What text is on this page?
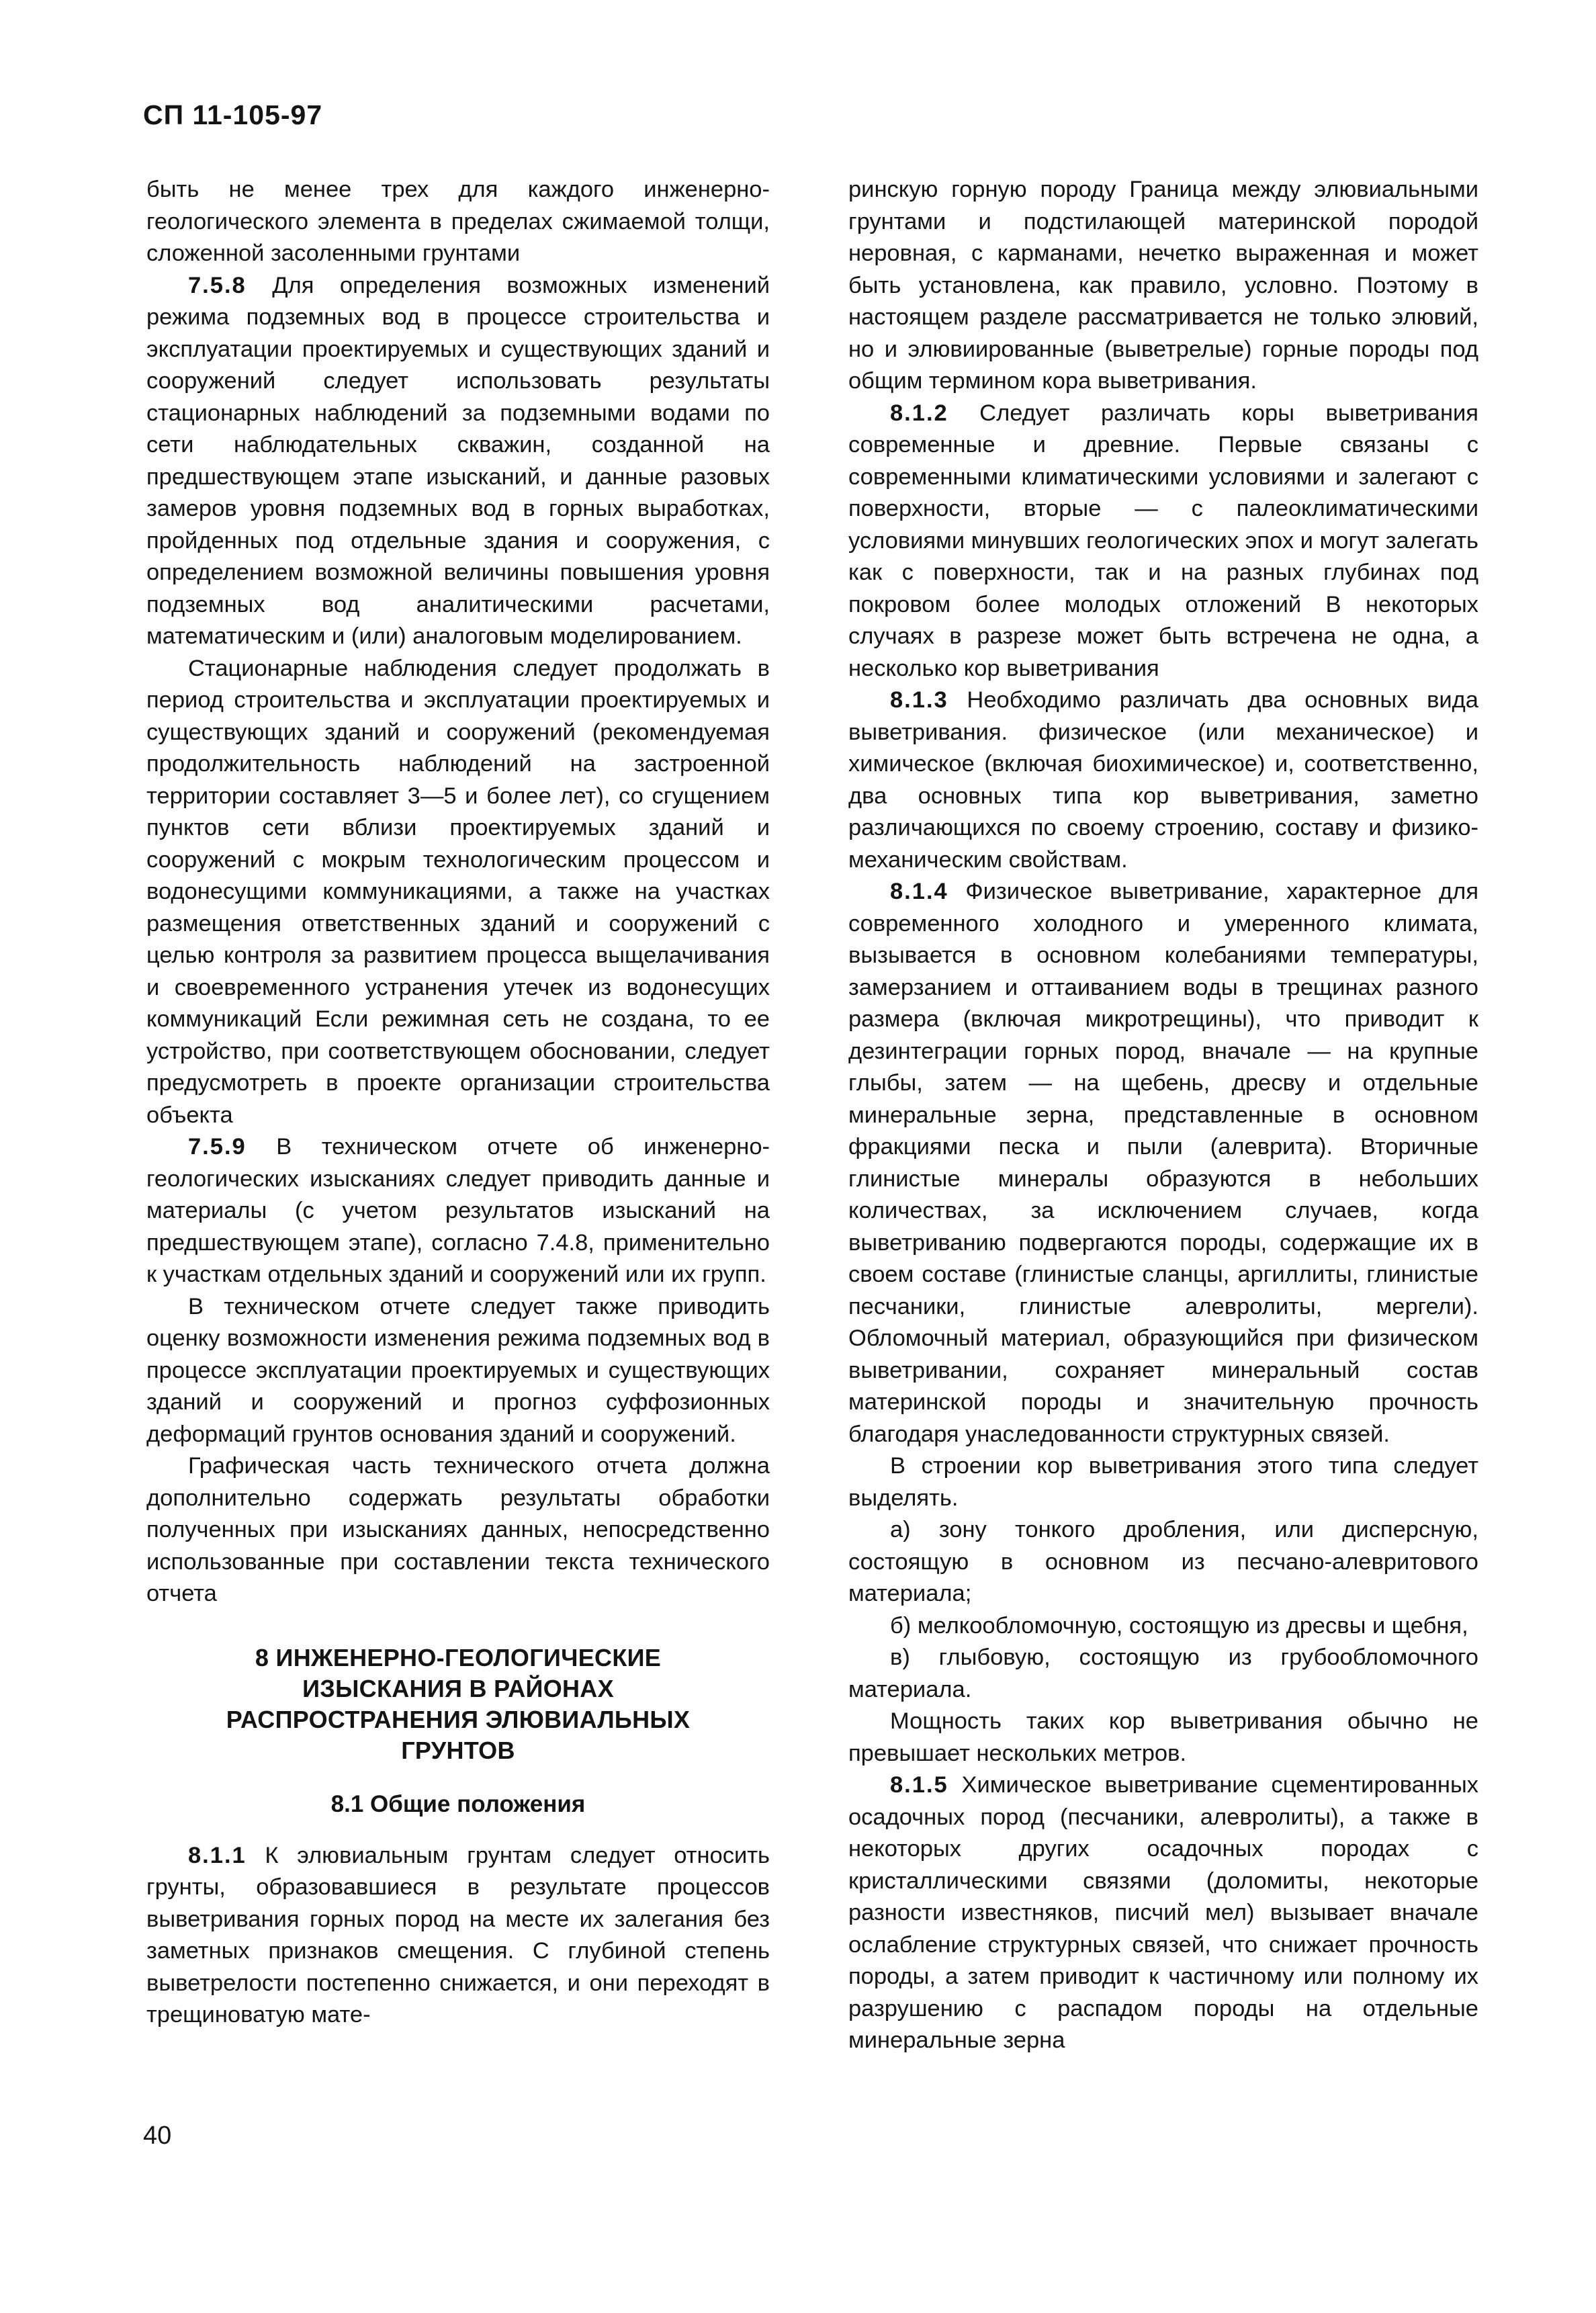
СП 11-105-97

быть не менее трех для каждого инженерно-геологического элемента в пределах сжимаемой толщи, сложенной засоленными грунтами

7.5.8 Для определения возможных изменений режима подземных вод в процессе строительства и эксплуатации проектируемых и существующих зданий и сооружений следует использовать результаты стационарных наблюдений за подземными водами по сети наблюдательных скважин, созданной на предшествующем этапе изысканий, и данные разовых замеров уровня подземных вод в горных выработках, пройденных под отдельные здания и сооружения, с определением возможной величины повышения уровня подземных вод аналитическими расчетами, математическим и (или) аналоговым моделированием.

Стационарные наблюдения следует продолжать в период строительства и эксплуатации проектируемых и существующих зданий и сооружений (рекомендуемая продолжительность наблюдений на застроенной территории составляет 3—5 и более лет), со сгущением пунктов сети вблизи проектируемых зданий и сооружений с мокрым технологическим процессом и водонесущими коммуникациями, а также на участках размещения ответственных зданий и сооружений с целью контроля за развитием процесса выщелачивания и своевременного устранения утечек из водонесущих коммуникаций Если режимная сеть не создана, то ее устройство, при соответствующем обосновании, следует предусмотреть в проекте организации строительства объекта

7.5.9 В техническом отчете об инженерно-геологических изысканиях следует приводить данные и материалы (с учетом результатов изысканий на предшествующем этапе), согласно 7.4.8, применительно к участкам отдельных зданий и сооружений или их групп.

В техническом отчете следует также приводить оценку возможности изменения режима подземных вод в процессе эксплуатации проектируемых и существующих зданий и сооружений и прогноз суффозионных деформаций грунтов основания зданий и сооружений.

Графическая часть технического отчета должна дополнительно содержать результаты обработки полученных при изысканиях данных, непосредственно использованные при составлении текста технического отчета

8 ИНЖЕНЕРНО-ГЕОЛОГИЧЕСКИЕ
ИЗЫСКАНИЯ В РАЙОНАХ
РАСПРОСТРАНЕНИЯ ЭЛЮВИАЛЬНЫХ
ГРУНТОВ
8.1 Общие положения

8.1.1 К элювиальным грунтам следует относить грунты, образовавшиеся в результате процессов выветривания горных пород на месте их залегания без заметных признаков смещения. С глубиной степень выветрелости постепенно снижается, и они переходят в трещиноватую мате-

ринскую горную породу Граница между элювиальными грунтами и подстилающей материнской породой неровная, с карманами, нечетко выраженная и может быть установлена, как правило, условно. Поэтому в настоящем разделе рассматривается не только элювий, но и элювиированные (выветрелые) горные породы под общим термином кора выветривания.

8.1.2 Следует различать коры выветривания современные и древние. Первые связаны с современными климатическими условиями и залегают с поверхности, вторые — с палеоклиматическими условиями минувших геологических эпох и могут залегать как с поверхности, так и на разных глубинах под покровом более молодых отложений В некоторых случаях в разрезе может быть встречена не одна, а несколько кор выветривания

8.1.3 Необходимо различать два основных вида выветривания. физическое (или механическое) и химическое (включая биохимическое) и, соответственно, два основных типа кор выветривания, заметно различающихся по своему строению, составу и физико-механическим свойствам.

8.1.4 Физическое выветривание, характерное для современного холодного и умеренного климата, вызывается в основном колебаниями температуры, замерзанием и оттаиванием воды в трещинах разного размера (включая микротрещины), что приводит к дезинтеграции горных пород, вначале — на крупные глыбы, затем — на щебень, дресву и отдельные минеральные зерна, представленные в основном фракциями песка и пыли (алеврита). Вторичные глинистые минералы образуются в небольших количествах, за исключением случаев, когда выветриванию подвергаются породы, содержащие их в своем составе (глинистые сланцы, аргиллиты, глинистые песчаники, глинистые алевролиты, мергели). Обломочный материал, образующийся при физическом выветривании, сохраняет минеральный состав материнской породы и значительную прочность благодаря унаследованности структурных связей.

В строении кор выветривания этого типа следует выделять.

а) зону тонкого дробления, или дисперсную, состоящую в основном из песчано-алевритового материала;

б) мелкообломочную, состоящую из дресвы и щебня,

в) глыбовую, состоящую из грубообломочного материала.

Мощность таких кор выветривания обычно не превышает нескольких метров.

8.1.5 Химическое выветривание сцементированных осадочных пород (песчаники, алевролиты), а также в некоторых других осадочных породах с кристаллическими связями (доломиты, некоторые разности известняков, писчий мел) вызывает вначале ослабление структурных связей, что снижает прочность породы, а затем приводит к частичному или полному их разрушению с распадом породы на отдельные минеральные зерна

40
